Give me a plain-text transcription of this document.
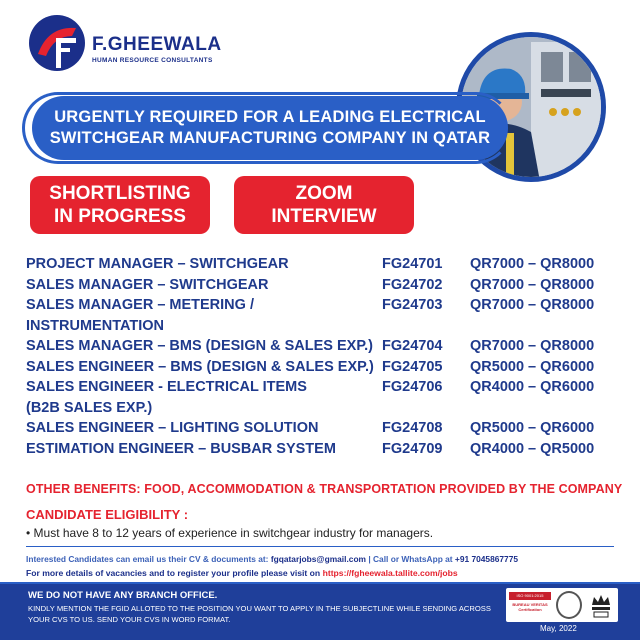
F.GHEEWALA
HUMAN RESOURCE CONSULTANTS
URGENTLY REQUIRED FOR A LEADING ELECTRICAL
SWITCHGEAR MANUFACTURING COMPANY IN QATAR
SHORTLISTING
IN PROGRESS
ZOOM
INTERVIEW
PROJECT MANAGER – SWITCHGEAR	FG24701	QR7000 – QR8000
SALES MANAGER – SWITCHGEAR	FG24702	QR7000 – QR8000
SALES MANAGER – METERING /	FG24703	QR7000 – QR8000
INSTRUMENTATION
SALES MANAGER – BMS (DESIGN & SALES EXP.) FG24704	QR7000 – QR8000
SALES ENGINEER – BMS (DESIGN & SALES EXP.) FG24705	QR5000 – QR6000
SALES ENGINEER - ELECTRICAL ITEMS	FG24706	QR4000 – QR6000
(B2B SALES EXP.)
SALES ENGINEER – LIGHTING SOLUTION	FG24708	QR5000 – QR6000
ESTIMATION ENGINEER – BUSBAR SYSTEM	FG24709	QR4000 – QR5000
OTHER BENEFITS: FOOD, ACCOMMODATION & TRANSPORTATION PROVIDED BY THE COMPANY
CANDIDATE ELIGIBILITY :
• Must have 8 to 12 years of experience in switchgear industry for managers.
Interested Candidates can email us their CV & documents at: fgqatarjobs@gmail.com | Call or WhatsApp at +91 7045867775
For more details of vacancies and to register your profile please visit on https://fgheewala.tallite.com/jobs
WE DO NOT HAVE ANY BRANCH OFFICE.
KINDLY MENTION THE FGID ALLOTED TO THE POSITION YOU WANT TO APPLY IN THE SUBJECTLINE WHILE SENDING ACROSS YOUR CVS TO US. SEND YOUR CVS IN WORD FORMAT.
ISO 9001:2015
BUREAU VERITAS Certification
May, 2022
